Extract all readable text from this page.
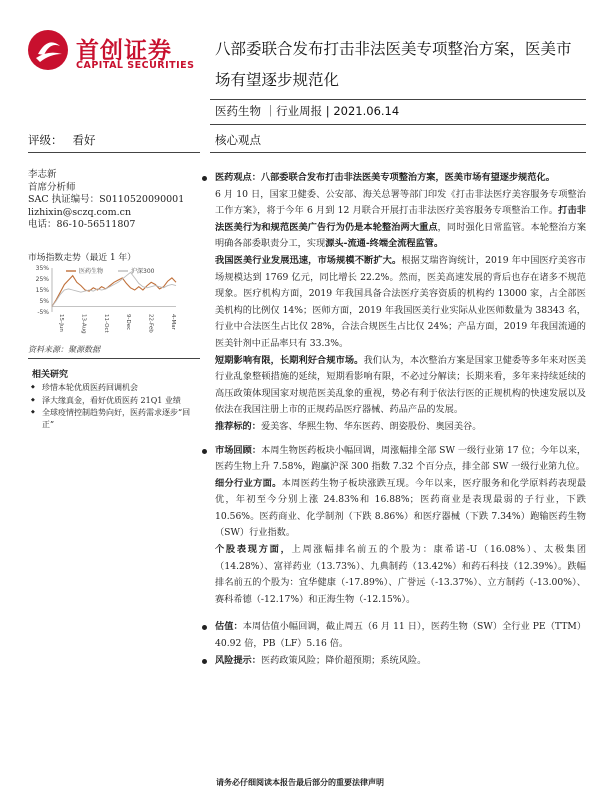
首创证券
CAPITAL SECURITIES
八部委联合发布打击非法医美专项整治方案，医美市场有望逐步规范化
医药生物 ｜行业周报 | 2021.06.14
评级： 看好	核心观点
李志新
首席分析师
SAC 执证编号：S0110520090001
lizhixin@sczq.com.cn
电话：86-10-56511807
市场指数走势（最近 1 年）
35%
25%
15%
5%
-5%
15-Jun	13-Aug	11-Oct	9-Dec	22-Feb	4-Mar
医药生物	沪深300
资料来源：聚源数据
相关研究
◆ 珍惜本轮优质医药回调机会
◆ 泽大缘真金，看好优质医药 21Q1 业绩
◆ 全球疫情控制趋势向好，医药需求逐步“回正”

医药观点：八部委联合发布打击非法医美专项整治方案，医美市场有望逐步规范化。

6 月 10 日，国家卫健委、公安部、海关总署等部门印发《打击非法医疗美容服务专项整治工作方案》，将于今年 6 月到 12 月联合开展打击非法医疗美容服务专项整治工作。打击非法医美行为和规范医美广告行为仍是本轮整治两大重点，同时强化日常监管。本轮整治方案明确各部委职责分工，实现源头-流通-终端全流程监管。

我国医美行业发展迅速，市场规模不断扩大。根据艾瑞咨询统计，2019 年中国医疗美容市场规模达到 1769 亿元，同比增长 22.2%。然而，医美高速发展的背后也存在诸多不规范现象。医疗机构方面，2019 年我国具备合法医疗美容资质的机构约 13000 家，占全部医美机构的比例仅 14%；医师方面，2019 年我国医美行业实际从业医师数量为 38343 名，行业中合法医生占比仅 28%，合法合规医生占比仅 24%；产品方面，2019 年我国流通的医美针剂中正品率只有 33.3%。

短期影响有限，长期利好合规市场。我们认为，本次整治方案是国家卫健委等多年来对医美行业乱象整顿措施的延续，短期看影响有限，不必过分解读；长期来看，多年来持续延续的高压政策体现国家对规范医美乱象的重视，势必有利于依法行医的正规机构的快速发展以及依法在我国注册上市的正规药品医疗器械、药品产品的发展。

推荐标的：爱美客、华熙生物、华东医药、朗姿股份、奥园美谷。

市场回顾：本周生物医药板块小幅回调，周涨幅排全部 SW 一级行业第 17 位；今年以来，医药生物上升 7.58%，跑赢沪深 300 指数 7.32 个百分点，排全部 SW 一级行业第九位。

细分行业方面。本周医药生物子板块涨跌互现。今年以来，医疗服务和化学原料药表现最优，年初至今分别上涨 24.83%和 16.88%；医药商业是表现最弱的子行业，下跌 10.56%。医药商业、化学制剂（下跌 8.86%）和医疗器械（下跌 7.34%）跑输医药生物（SW）行业指数。

个股表现方面，上周涨幅排名前五的个股为：康希诺-U（16.08%）、太极集团（14.28%）、富祥药业（13.73%）、九典制药（13.42%）和药石科技（12.39%）。跌幅排名前五的个股为：宜华健康（-17.89%）、广誉远（-13.37%）、立方制药（-13.00%）、赛科希德（-12.17%）和正海生物（-12.15%）。

估值：本周估值小幅回调，截止周五（6 月 11 日），医药生物（SW）全行业 PE（TTM）40.92 倍，PB（LF）5.16 倍。

风险提示：医药政策风险；降价超预期；系统风险。

请务必仔细阅读本报告最后部分的重要法律声明
